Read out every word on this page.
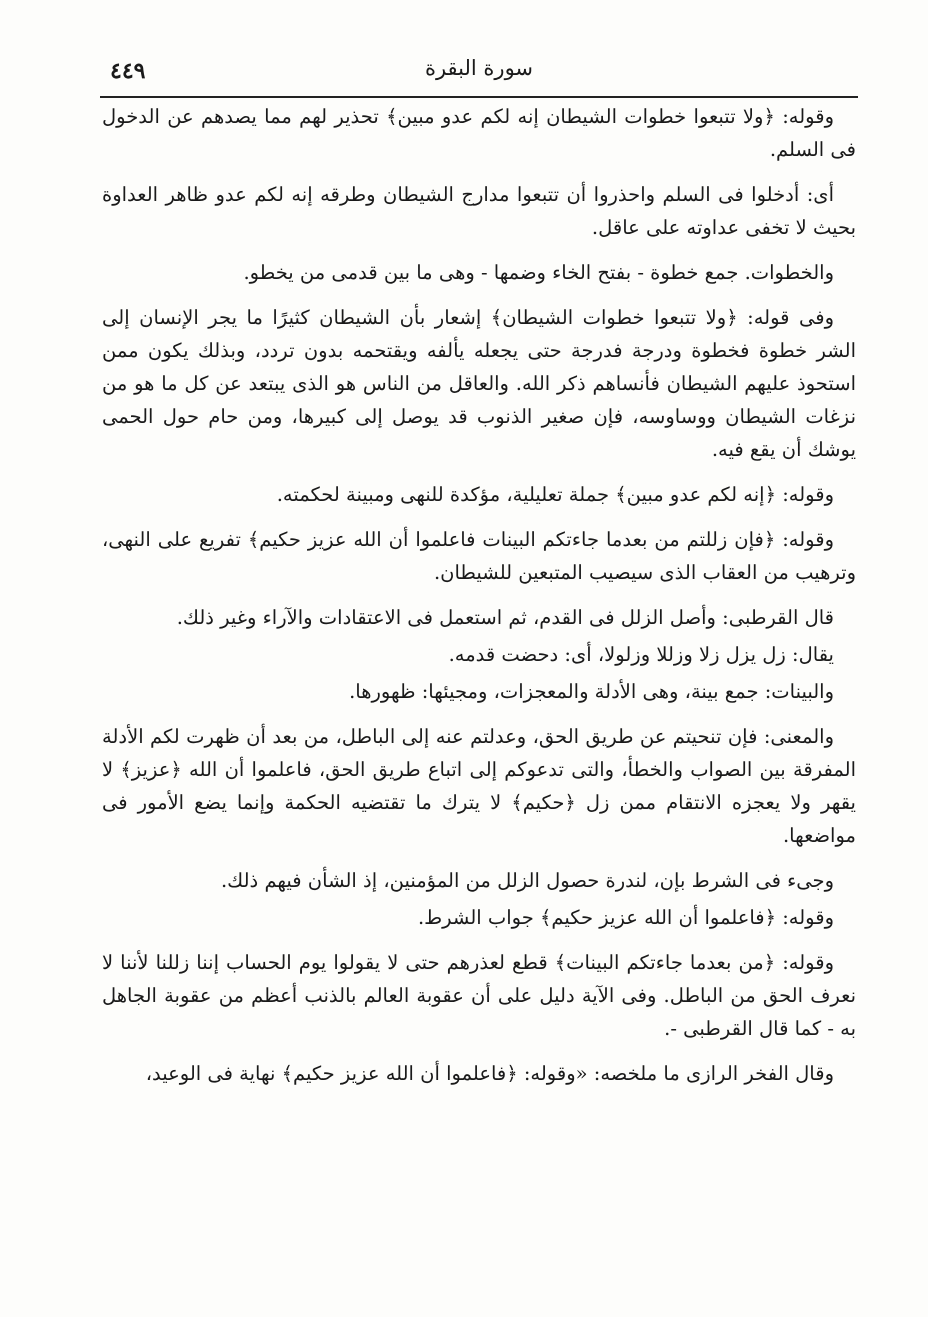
٤٤٩	سورة البقرة

وقوله: ﴿ولا تتبعوا خطوات الشيطان إنه لكم عدو مبين﴾ تحذير لهم مما يصدهم عن الدخول فى السلم.

أى: أدخلوا فى السلم واحذروا أن تتبعوا مدارج الشيطان وطرقه إنه لكم عدو ظاهر العداوة بحيث لا تخفى عداوته على عاقل.

والخطوات. جمع خطوة - بفتح الخاء وضمها - وهى ما بين قدمى من يخطو.

وفى قوله: ﴿ولا تتبعوا خطوات الشيطان﴾ إشعار بأن الشيطان كثيرًا ما يجر الإنسان إلى الشر خطوة فخطوة ودرجة فدرجة حتى يجعله يألفه ويقتحمه بدون تردد، وبذلك يكون ممن استحوذ عليهم الشيطان فأنساهم ذكر الله. والعاقل من الناس هو الذى يبتعد عن كل ما هو من نزغات الشيطان ووساوسه، فإن صغير الذنوب قد يوصل إلى كبيرها، ومن حام حول الحمى يوشك أن يقع فيه.

وقوله: ﴿إنه لكم عدو مبين﴾ جملة تعليلية، مؤكدة للنهى ومبينة لحكمته.

وقوله: ﴿فإن زللتم من بعدما جاءتكم البينات فاعلموا أن الله عزيز حكيم﴾ تفريع على النهى، وترهيب من العقاب الذى سيصيب المتبعين للشيطان.

قال القرطبى: وأصل الزلل فى القدم، ثم استعمل فى الاعتقادات والآراء وغير ذلك.

يقال: زل يزل زلا وزللا وزلولا، أى: دحضت قدمه.

والبينات: جمع بينة، وهى الأدلة والمعجزات، ومجيئها: ظهورها.

والمعنى: فإن تنحيتم عن طريق الحق، وعدلتم عنه إلى الباطل، من بعد أن ظهرت لكم الأدلة المفرقة بين الصواب والخطأ، والتى تدعوكم إلى اتباع طريق الحق، فاعلموا أن الله ﴿عزيز﴾ لا يقهر ولا يعجزه الانتقام ممن زل ﴿حكيم﴾ لا يترك ما تقتضيه الحكمة وإنما يضع الأمور فى مواضعها.

وجىء فى الشرط بإن، لندرة حصول الزلل من المؤمنين، إذ الشأن فيهم ذلك.

وقوله: ﴿فاعلموا أن الله عزيز حكيم﴾ جواب الشرط.

وقوله: ﴿من بعدما جاءتكم البينات﴾ قطع لعذرهم حتى لا يقولوا يوم الحساب إننا زللنا لأننا لا نعرف الحق من الباطل. وفى الآية دليل على أن عقوبة العالم بالذنب أعظم من عقوبة الجاهل به - كما قال القرطبى -.

وقال الفخر الرازى ما ملخصه: «وقوله: ﴿فاعلموا أن الله عزيز حكيم﴾ نهاية فى الوعيد،
